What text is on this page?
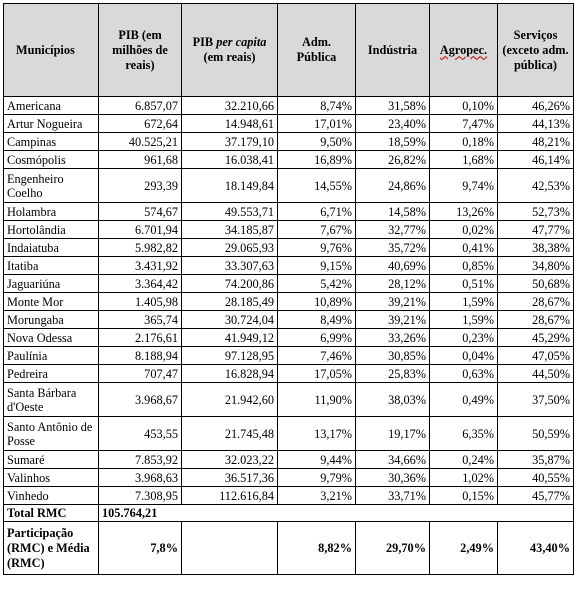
Municípios	PIB (em milhões de reais)	PIB per capita (em reais)	Adm. Pública	Indústria	Agropec.	Serviços (exceto adm. pública)
Americana	6.857,07	32.210,66	8,74%	31,58%	0,10%	46,26%
Artur Nogueira	672,64	14.948,61	17,01%	23,40%	7,47%	44,13%
Campinas	40.525,21	37.179,10	9,50%	18,59%	0,18%	48,21%
Cosmópolis	961,68	16.038,41	16,89%	26,82%	1,68%	46,14%
Engenheiro Coelho	293,39	18.149,84	14,55%	24,86%	9,74%	42,53%
Holambra	574,67	49.553,71	6,71%	14,58%	13,26%	52,73%
Hortolândia	6.701,94	34.185,87	7,67%	32,77%	0,02%	47,77%
Indaiatuba	5.982,82	29.065,93	9,76%	35,72%	0,41%	38,38%
Itatiba	3.431,92	33.307,63	9,15%	40,69%	0,85%	34,80%
Jaguariúna	3.364,42	74.200,86	5,42%	28,12%	0,51%	50,68%
Monte Mor	1.405,98	28.185,49	10,89%	39,21%	1,59%	28,67%
Morungaba	365,74	30.724,04	8,49%	39,21%	1,59%	28,67%
Nova Odessa	2.176,61	41.949,12	6,99%	33,26%	0,23%	45,29%
Paulínia	8.188,94	97.128,95	7,46%	30,85%	0,04%	47,05%
Pedreira	707,47	16.828,94	17,05%	25,83%	0,63%	44,50%
Santa Bárbara d'Oeste	3.968,67	21.942,60	11,90%	38,03%	0,49%	37,50%
Santo Antônio de Posse	453,55	21.745,48	13,17%	19,17%	6,35%	50,59%
Sumaré	7.853,92	32.023,22	9,44%	34,66%	0,24%	35,87%
Valinhos	3.968,63	36.517,36	9,79%	30,36%	1,02%	40,55%
Vinhedo	7.308,95	112.616,84	3,21%	33,71%	0,15%	45,77%
Total RMC	105.764,21					
Participação (RMC) e Média (RMC)	7,8%		8,82%	29,70%	2,49%	43,40%
